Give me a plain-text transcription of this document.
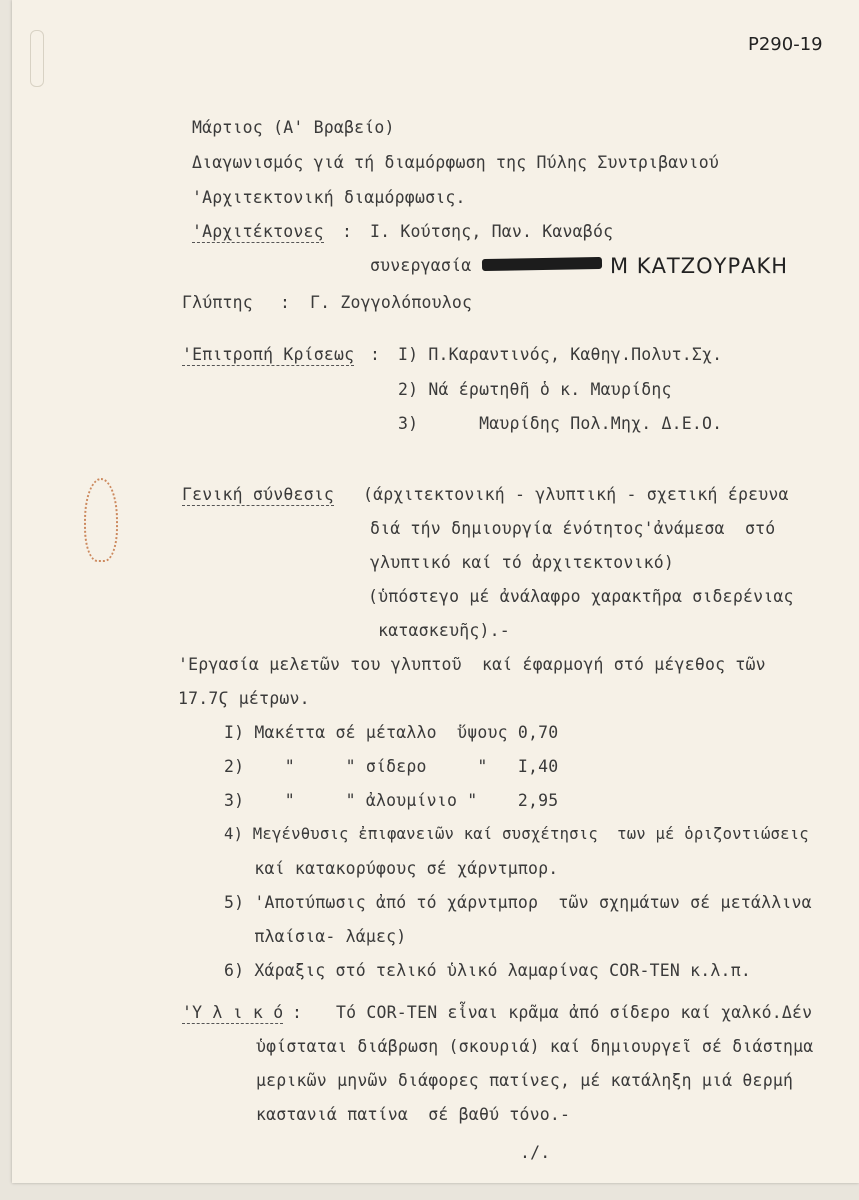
P290-19
Μάρτιος (Α' Βραβείο)
Διαγωνισμός γιά τή διαμόρφωση της Πύλης Συντριβανιού
'Αρχιτεκτονική διαμόρφωσις.
'Αρχιτέκτονες : Ι. Κούτσης, Παν. Καναβός
συνεργασία	Μ ΚΑΤΖΟΥΡΑΚΗ
Γλύπτης : Γ. Ζογγολόπουλος
'Επιτροπή Κρίσεως : Ι) Π.Καραντινός, Καθηγ.Πολυτ.Σχ.
2) Νά έρωτηθῆ ὁ κ. Μαυρίδης
3)      Μαυρίδης Πολ.Μηχ. Δ.Ε.Ο.
Γενική σύνθεσις (άρχιτεκτονική - γλυπτική - σχετική έρευνα
διά τήν δημιουργία ένότητος'ἀνάμεσα  στό
γλυπτικό καί τό ἀρχιτεκτονικό)
(ὑπόστεγο μέ ἀνάλαφρο χαρακτῆρα σιδερένιας
κατασκευῆς).-
'Εργασία μελετῶν του γλυπτοῦ  καί έφαρμογή στό μέγεθος τῶν
17.7Ϛ μέτρων.
Ι) Μακέττα σέ μέταλλο  ὕψους 0,70
2)    "     " σίδερο     "   Ι,40
3)    "     " ἀλουμίνιο "    2,95
4) Μεγένθυσις ἐπιφανειῶν καί συσχέτησις  των μέ ὁριζοντιώσεις
καί κατακορύφους σέ χάρντμπορ.
5) 'Αποτύπωσις ἀπό τό χάρντμπορ  τῶν σχημάτων σέ μετάλλινα
πλαίσια- λάμες)
6) Χάραξις στό τελικό ὑλικό λαμαρίνας COR-TEN κ.λ.π.
'Υ λ ι κ ό : Τό COR-TEN εἶναι κρᾶμα ἀπό σίδερο καί χαλκό.Δέν
ὑφίσταται διάβρωση (σκουριά) καί δημιουργεῖ σέ διάστημα
μερικῶν μηνῶν διάφορες πατίνες, μέ κατάληξη μιά θερμή
καστανιά πατίνα  σέ βαθύ τόνο.-
./.
